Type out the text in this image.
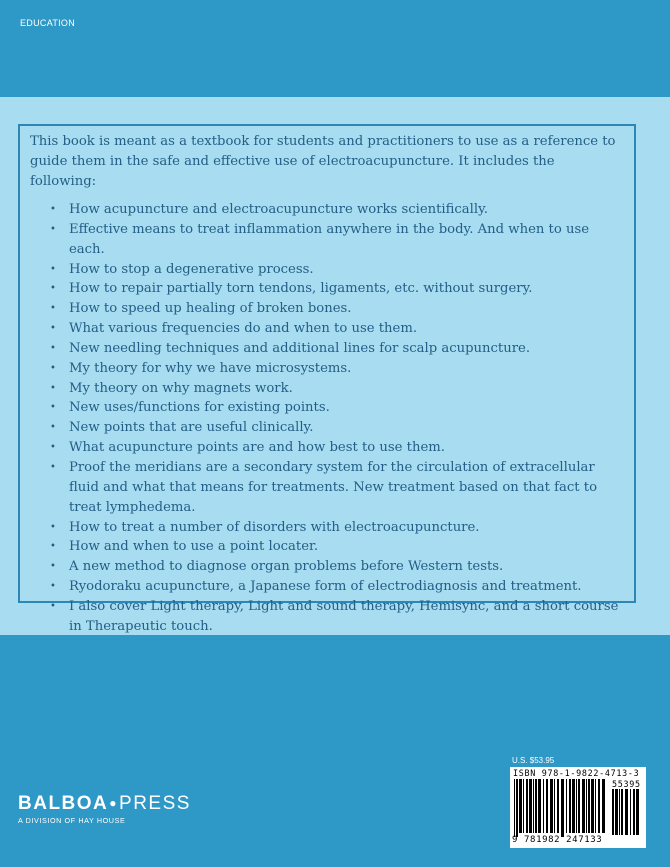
EDUCATION

This book is meant as a textbook for students and practitioners to use as a reference to guide them in the safe and effective use of electroacupuncture. It includes the following:

• How acupuncture and electroacupuncture works scientifically.
• Effective means to treat inflammation anywhere in the body. And when to use each.
• How to stop a degenerative process.
• How to repair partially torn tendons, ligaments, etc. without surgery.
• How to speed up healing of broken bones.
• What various frequencies do and when to use them.
• New needling techniques and additional lines for scalp acupuncture.
• My theory for why we have microsystems.
• My theory on why magnets work.
• New uses/functions for existing points.
• New points that are useful clinically.
• What acupuncture points are and how best to use them.
• Proof the meridians are a secondary system for the circulation of extracellular fluid and what that means for treatments. New treatment based on that fact to treat lymphedema.
• How to treat a number of disorders with electroacupuncture.
• How and when to use a point locater.
• A new method to diagnose organ problems before Western tests.
• Ryodoraku acupuncture, a Japanese form of electrodiagnosis and treatment.
• I also cover Light therapy, Light and sound therapy, Hemisync, and a short course in Therapeutic touch.
BALBOA●PRESS
A DIVISION OF HAY HOUSE
U.S. $53.95
ISBN 978-1-9822-4713-3
55395
9 781982 247133
